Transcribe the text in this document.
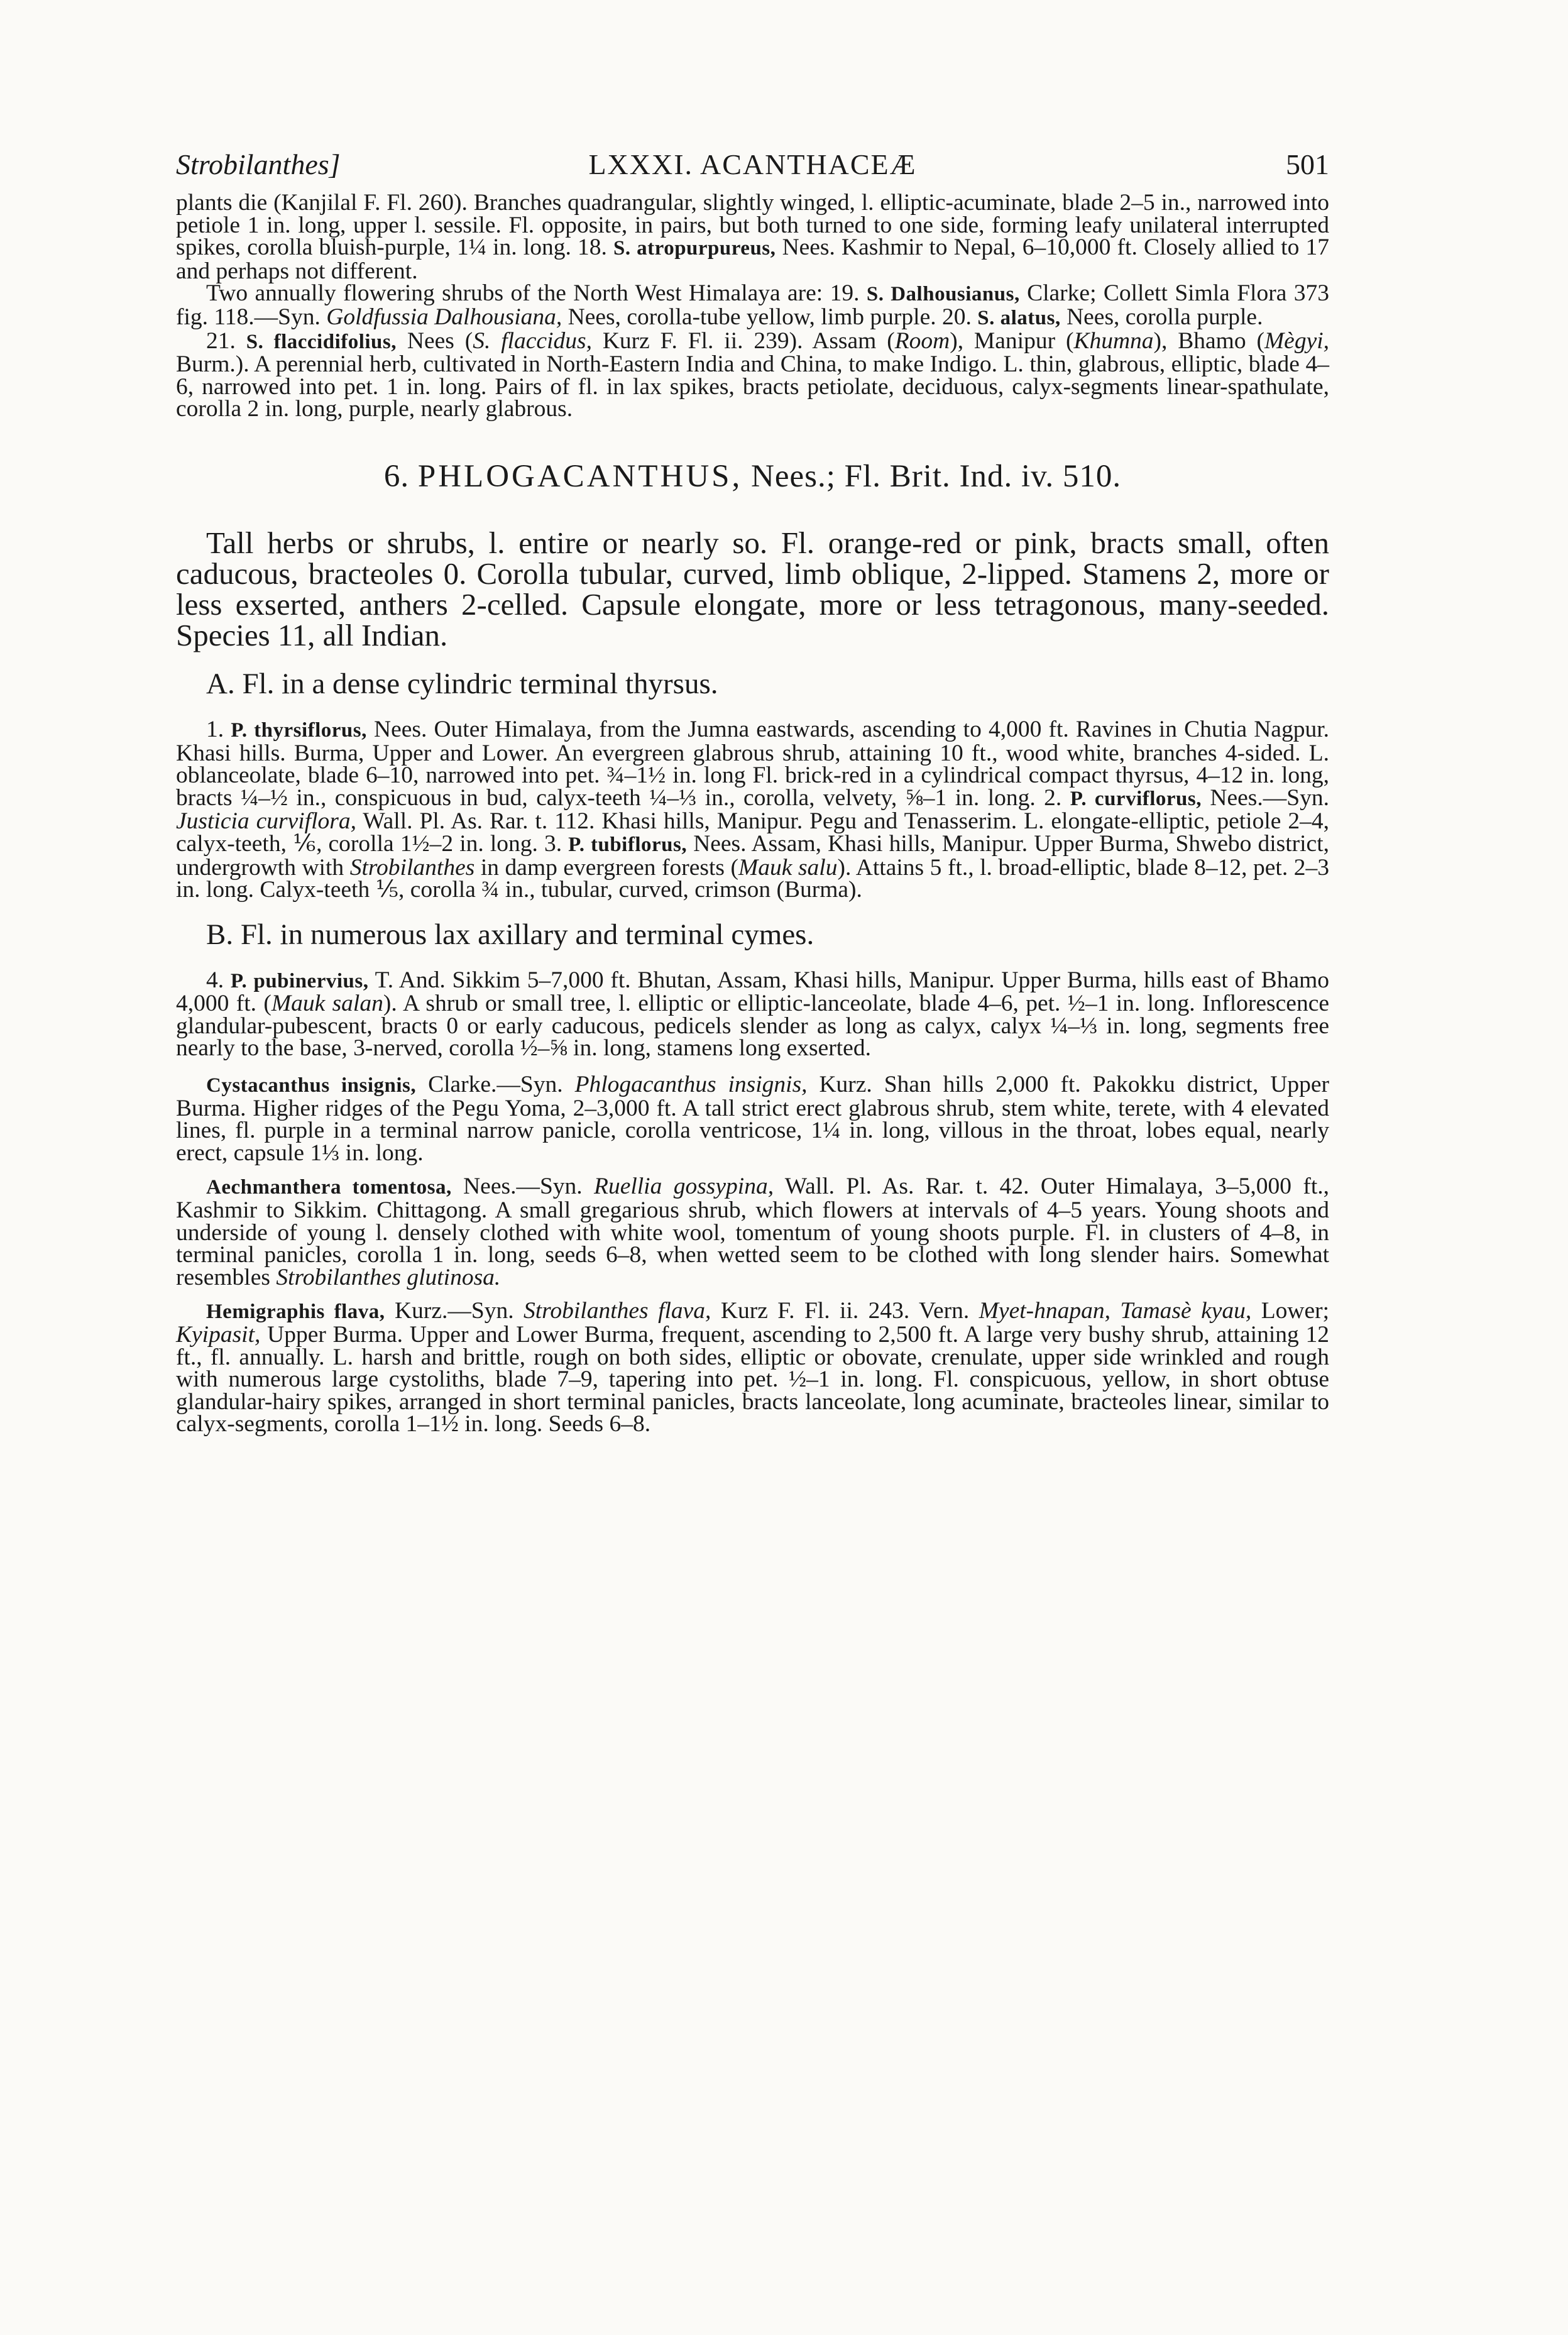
Strobilanthes]	LXXXI. ACANTHACEÆ	501

plants die (Kanjilal F. Fl. 260). Branches quadrangular, slightly winged, l. elliptic-acuminate, blade 2–5 in., narrowed into petiole 1 in. long, upper l. sessile. Fl. opposite, in pairs, but both turned to one side, forming leafy unilateral interrupted spikes, corolla bluish-purple, 1¼ in. long. 18. S. atropurpureus, Nees. Kashmir to Nepal, 6–10,000 ft. Closely allied to 17 and perhaps not different.

Two annually flowering shrubs of the North West Himalaya are: 19. S. Dalhousianus, Clarke; Collett Simla Flora 373 fig. 118.—Syn. Goldfussia Dalhousiana, Nees, corolla-tube yellow, limb purple. 20. S. alatus, Nees, corolla purple.

21. S. flaccidifolius, Nees (S. flaccidus, Kurz F. Fl. ii. 239). Assam (Room), Manipur (Khumna), Bhamo (Mègyi, Burm.). A perennial herb, cultivated in North-Eastern India and China, to make Indigo. L. thin, glabrous, elliptic, blade 4–6, narrowed into pet. 1 in. long. Pairs of fl. in lax spikes, bracts petiolate, deciduous, calyx-segments linear-spathulate, corolla 2 in. long, purple, nearly glabrous.

6. PHLOGACANTHUS, Nees.; Fl. Brit. Ind. iv. 510.

Tall herbs or shrubs, l. entire or nearly so. Fl. orange-red or pink, bracts small, often caducous, bracteoles 0. Corolla tubular, curved, limb oblique, 2-lipped. Stamens 2, more or less exserted, anthers 2-celled. Capsule elongate, more or less tetragonous, many-seeded. Species 11, all Indian.

A. Fl. in a dense cylindric terminal thyrsus.

1. P. thyrsiflorus, Nees. Outer Himalaya, from the Jumna eastwards, ascending to 4,000 ft. Ravines in Chutia Nagpur. Khasi hills. Burma, Upper and Lower. An evergreen glabrous shrub, attaining 10 ft., wood white, branches 4-sided. L. oblanceolate, blade 6–10, narrowed into pet. ¾–1½ in. long Fl. brick-red in a cylindrical compact thyrsus, 4–12 in. long, bracts ¼–½ in., conspicuous in bud, calyx-teeth ¼–⅓ in., corolla, velvety, ⅝–1 in. long. 2. P. curviflorus, Nees.—Syn. Justicia curviflora, Wall. Pl. As. Rar. t. 112. Khasi hills, Manipur. Pegu and Tenasserim. L. elongate-elliptic, petiole 2–4, calyx-teeth, ⅙, corolla 1½–2 in. long. 3. P. tubiflorus, Nees. Assam, Khasi hills, Manipur. Upper Burma, Shwebo district, undergrowth with Strobilanthes in damp evergreen forests (Mauk salu). Attains 5 ft., l. broad-elliptic, blade 8–12, pet. 2–3 in. long. Calyx-teeth ⅕, corolla ¾ in., tubular, curved, crimson (Burma).

B. Fl. in numerous lax axillary and terminal cymes.

4. P. pubinervius, T. And. Sikkim 5–7,000 ft. Bhutan, Assam, Khasi hills, Manipur. Upper Burma, hills east of Bhamo 4,000 ft. (Mauk salan). A shrub or small tree, l. elliptic or elliptic-lanceolate, blade 4–6, pet. ½–1 in. long. Inflorescence glandular-pubescent, bracts 0 or early caducous, pedicels slender as long as calyx, calyx ¼–⅓ in. long, segments free nearly to the base, 3-nerved, corolla ½–⅝ in. long, stamens long exserted.

Cystacanthus insignis, Clarke.—Syn. Phlogacanthus insignis, Kurz. Shan hills 2,000 ft. Pakokku district, Upper Burma. Higher ridges of the Pegu Yoma, 2–3,000 ft. A tall strict erect glabrous shrub, stem white, terete, with 4 elevated lines, fl. purple in a terminal narrow panicle, corolla ventricose, 1¼ in. long, villous in the throat, lobes equal, nearly erect, capsule 1⅓ in. long.

Aechmanthera tomentosa, Nees.—Syn. Ruellia gossypina, Wall. Pl. As. Rar. t. 42. Outer Himalaya, 3–5,000 ft., Kashmir to Sikkim. Chittagong. A small gregarious shrub, which flowers at intervals of 4–5 years. Young shoots and underside of young l. densely clothed with white wool, tomentum of young shoots purple. Fl. in clusters of 4–8, in terminal panicles, corolla 1 in. long, seeds 6–8, when wetted seem to be clothed with long slender hairs. Somewhat resembles Strobilanthes glutinosa.

Hemigraphis flava, Kurz.—Syn. Strobilanthes flava, Kurz F. Fl. ii. 243. Vern. Myet-hnapan, Tamasè kyau, Lower; Kyipasit, Upper Burma. Upper and Lower Burma, frequent, ascending to 2,500 ft. A large very bushy shrub, attaining 12 ft., fl. annually. L. harsh and brittle, rough on both sides, elliptic or obovate, crenulate, upper side wrinkled and rough with numerous large cystoliths, blade 7–9, tapering into pet. ½–1 in. long. Fl. conspicuous, yellow, in short obtuse glandular-hairy spikes, arranged in short terminal panicles, bracts lanceolate, long acuminate, bracteoles linear, similar to calyx-segments, corolla 1–1½ in. long. Seeds 6–8.
